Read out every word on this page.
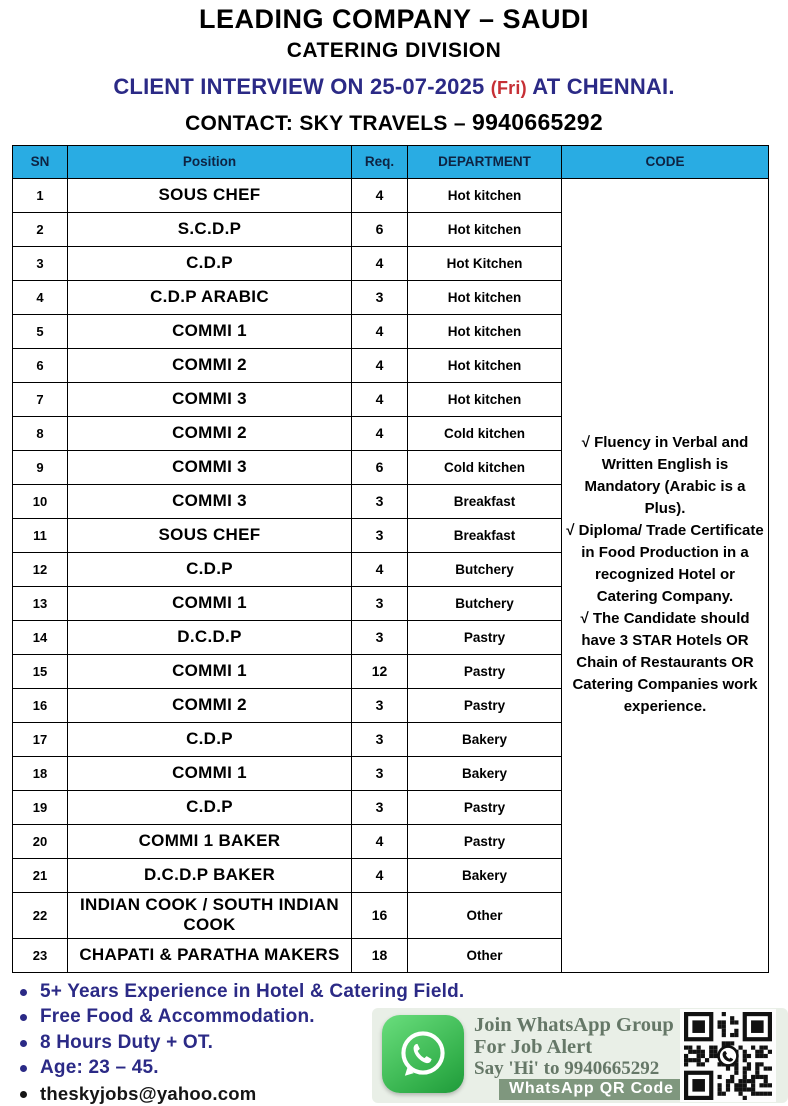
LEADING COMPANY – SAUDI
CATERING DIVISION
CLIENT INTERVIEW ON 25-07-2025 (Fri) AT CHENNAI.
CONTACT: SKY TRAVELS – 9940665292
SN	Position	Req.	DEPARTMENT	CODE
1	SOUS CHEF	4	Hot kitchen	√ Fluency in Verbal and Written English is Mandatory (Arabic is a Plus).

√ Diploma/ Trade Certificate in Food Production in a recognized Hotel or Catering Company.

√ The Candidate should have 3 STAR Hotels OR Chain of Restaurants OR Catering Companies work experience.

2	S.C.D.P	6	Hot kitchen	
3	C.D.P	4	Hot Kitchen	
4	C.D.P ARABIC	3	Hot kitchen	
5	COMMI 1	4	Hot kitchen	
6	COMMI 2	4	Hot kitchen	
7	COMMI 3	4	Hot kitchen	
8	COMMI 2	4	Cold kitchen	
9	COMMI 3	6	Cold kitchen	
10	COMMI 3	3	Breakfast	
11	SOUS CHEF	3	Breakfast	
12	C.D.P	4	Butchery	
13	COMMI 1	3	Butchery	
14	D.C.D.P	3	Pastry	
15	COMMI 1	12	Pastry	
16	COMMI 2	3	Pastry	
17	C.D.P	3	Bakery	
18	COMMI 1	3	Bakery	
19	C.D.P	3	Pastry	
20	COMMI 1 BAKER	4	Pastry	
21	D.C.D.P BAKER	4	Bakery	
22	INDIAN COOK / SOUTH INDIAN COOK	16	Other	
23	CHAPATI & PARATHA MAKERS	18	Other	
5+ Years Experience in Hotel & Catering Field.
Free Food & Accommodation.
8 Hours Duty + OT.
Age: 23 – 45.
theskyjobs@yahoo.com
Join WhatsApp Group
For Job Alert
Say 'Hi' to 9940665292
WhatsApp QR Code
